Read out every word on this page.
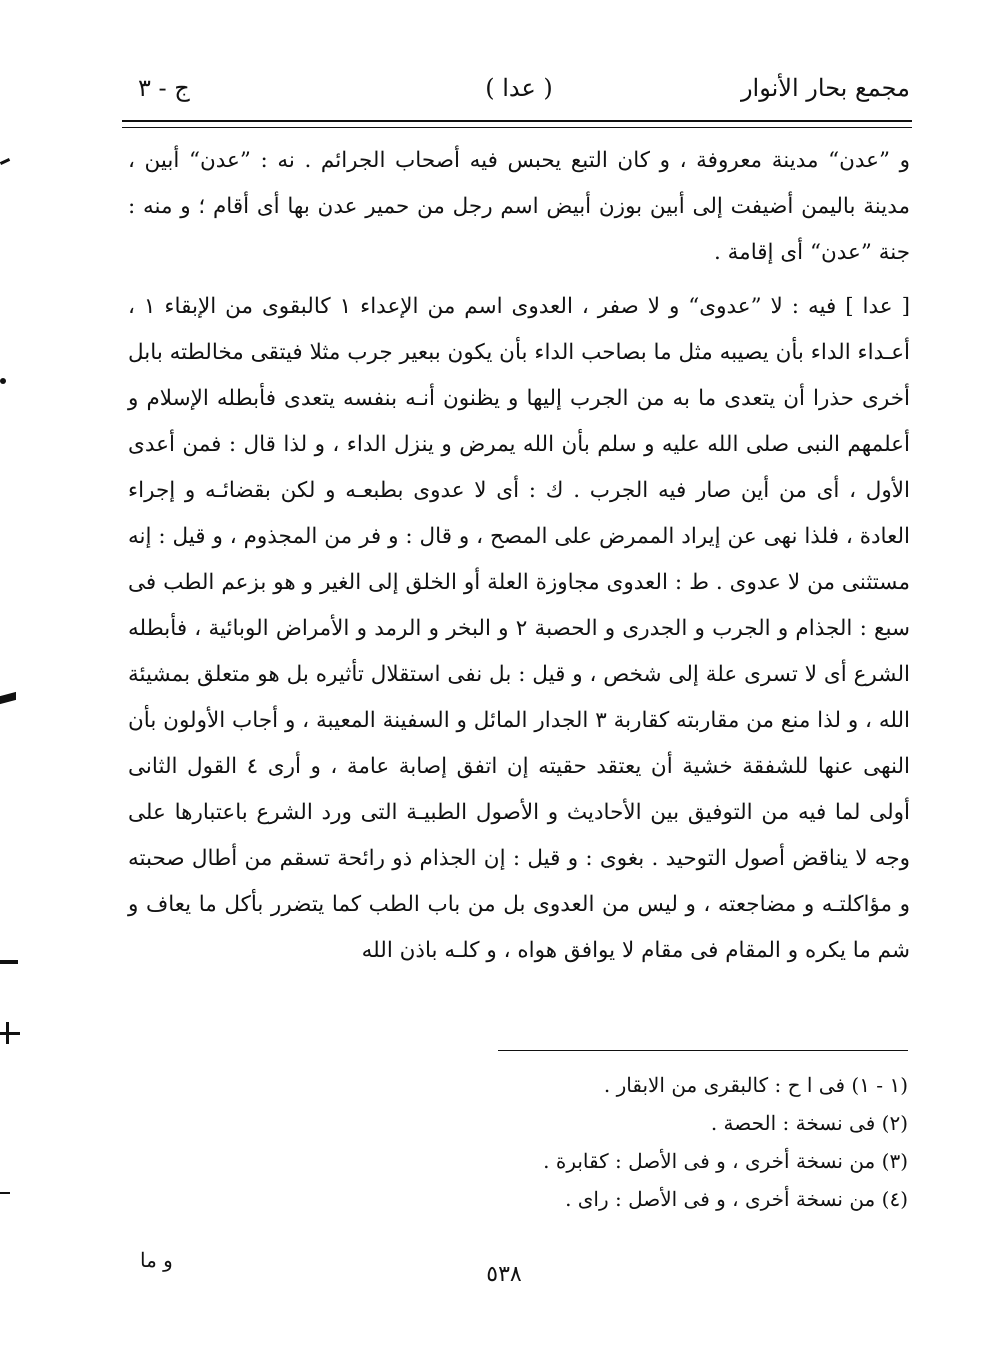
مجمع بحار الأنوار
( عدا )
ج - ٣

و ”عدن“ مدينة معروفة ، و كان التبع يحبس فيه أصحاب الجرائم . نه : ”عدن“ أبين ، مدينة باليمن أضيفت إلى أبين بوزن أبيض اسم رجل من حمير عدن بها أى أقام ؛ و منه : جنة ”عدن“ أى إقامة .

[ عدا ] فيه : لا ”عدوى“ و لا صفر ، العدوى اسم من الإعداء ١ كالبقوى من الإبقاء ١ ، أعـداء الداء بأن يصيبه مثل ما بصاحب الداء بأن يكون ببعير جرب مثلا فيتقى مخالطته بابل أخرى حذرا أن يتعدى ما به من الجرب إليها و يظنون أنـه بنفسه يتعدى فأبطله الإسلام و أعلمهم النبى صلى الله عليه و سلم بأن الله يمرض و ينزل الداء ، و لذا قال : فمن أعدى الأول ، أى من أين صار فيه الجرب . ك : أى لا عدوى بطبعـه و لكن بقضائـه و إجراء العادة ، فلذا نهى عن إيراد الممرض على المصح ، و قال : و فر من المجذوم ، و قيل : إنه مستثنى من لا عدوى . ط : العدوى مجاوزة العلة أو الخلق إلى الغير و هو بزعم الطب فى سبع : الجذام و الجرب و الجدرى و الحصبة ٢ و البخر و الرمد و الأمراض الوبائية ، فأبطله الشرع أى لا تسرى علة إلى شخص ، و قيل : بل نفى استقلال تأثيره بل هو متعلق بمشيئة الله ، و لذا منع من مقاربته كقاربة ٣ الجدار المائل و السفينة المعيبة ، و أجاب الأولون بأن النهى عنها للشفقة خشية أن يعتقد حقيته إن اتفق إصابة عامة ، و أرى ٤ القول الثانى أولى لما فيه من التوفيق بين الأحاديث و الأصول الطبيـة التى ورد الشرع باعتبارها على وجه لا يناقض أصول التوحيد . بغوى : و قيل : إن الجذام ذو رائحة تسقم من أطال صحبته و مؤاكلتـه و مضاجعته ، و ليس من العدوى بل من باب الطب كما يتضرر بأكل ما يعاف و شم ما يكره و المقام فى مقام لا يوافق هواه ، و كلـه باذن الله

(١ - ١) فى ا ح : كالبقرى من الابقار .
(٢) فى نسخة : الحصة .
(٣) من نسخة أخرى ، و فى الأصل : كقابرة .
(٤) من نسخة أخرى ، و فى الأصل : راى .
و ما
٥٣٨
